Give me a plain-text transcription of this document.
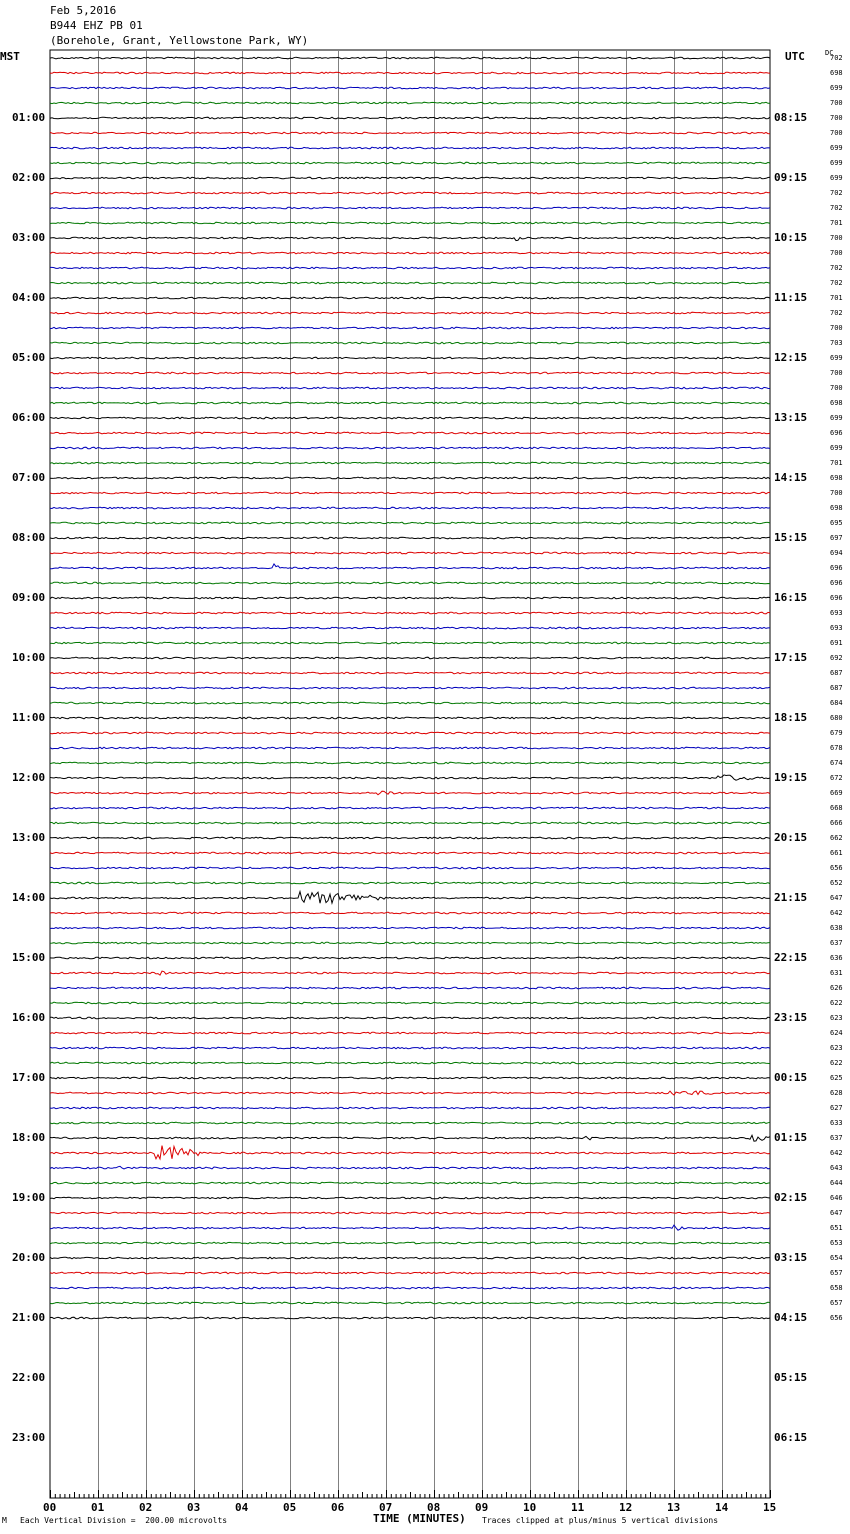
Feb 5,2016
B944 EHZ PB 01
(Borehole, Grant, Yellowstone Park, WY)
MST	UTC	DC
01:00
02:00
03:00
04:00
05:00
06:00
07:00
08:00
09:00
10:00
11:00
12:00
13:00
14:00
15:00
16:00
17:00
18:00
19:00
20:00
21:00
22:00
23:00
08:15
09:15
10:15
11:15
12:15
13:15
14:15
15:15
16:15
17:15
18:15
19:15
20:15
21:15
22:15
23:15
00:15
01:15
02:15
03:15
04:15
05:15
06:15
702
698
699
700
700
700
699
699
699
702
702
701
700
700
702
702
701
702
700
703
699
700
700
698
699
696
699
701
698
700
698
695
697
694
696
696
696
693
693
691
692
687
687
684
680
679
678
674
672
669
668
666
662
661
656
652
647
642
638
637
636
631
626
622
623
624
623
622
625
628
627
633
637
642
643
644
646
647
651
653
654
657
658
657
656
00	01	02	03	04	05	06	07	08	09	10	11	12	13	14	15
TIME (MINUTES)
M Each Vertical Division =  200.00 microvolts	Traces clipped at plus/minus 5 vertical divisions
